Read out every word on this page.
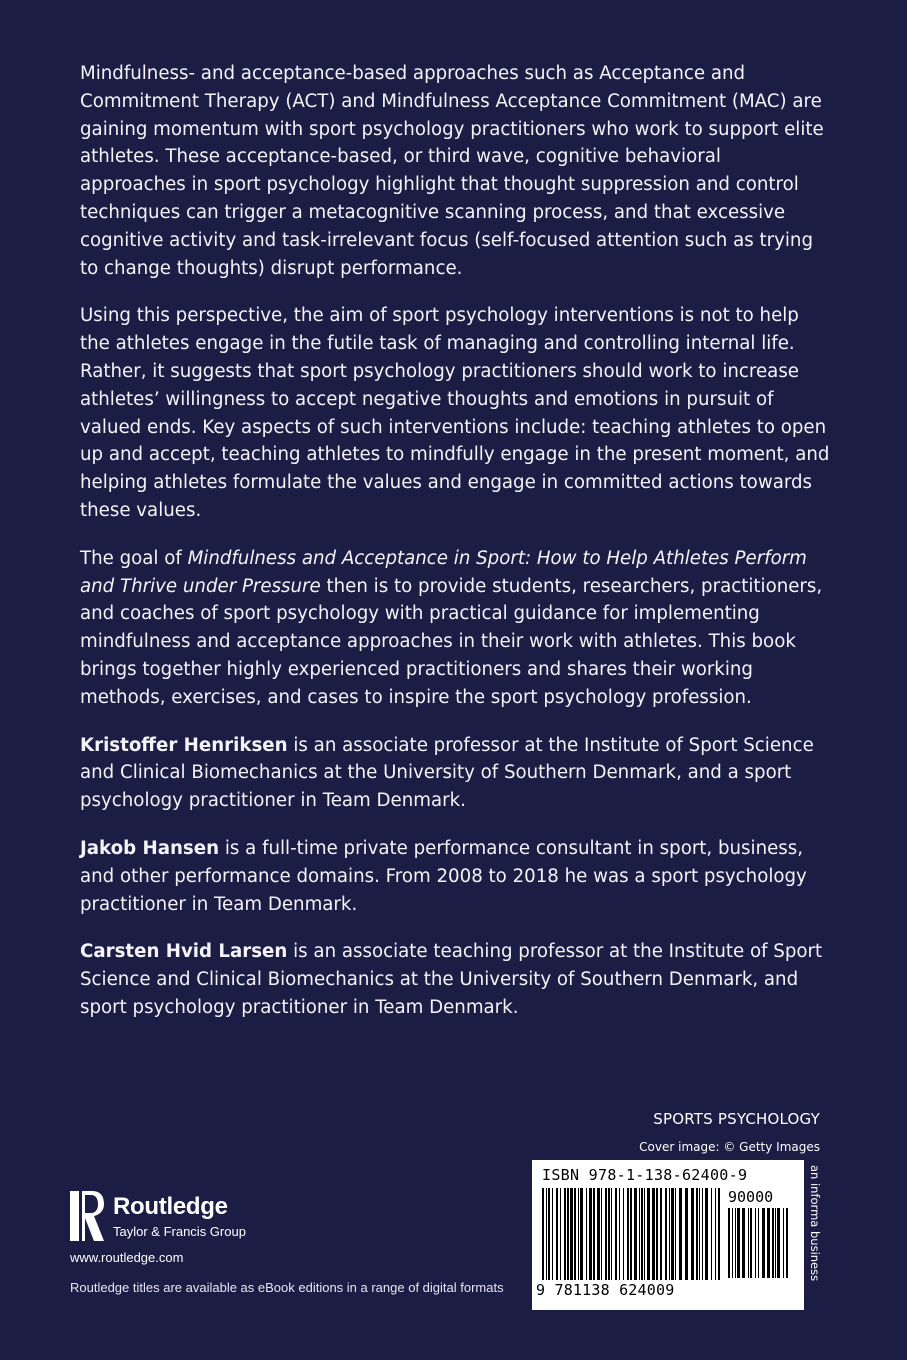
Mindfulness- and acceptance-based approaches such as Acceptance and Commitment Therapy (ACT) and Mindfulness Acceptance Commitment (MAC) are gaining momentum with sport psychology practitioners who work to support elite athletes. These acceptance-based, or third wave, cognitive behavioral approaches in sport psychology highlight that thought suppression and control techniques can trigger a metacognitive scanning process, and that excessive cognitive activity and task-irrelevant focus (self-focused attention such as trying to change thoughts) disrupt performance.

Using this perspective, the aim of sport psychology interventions is not to help the athletes engage in the futile task of managing and controlling internal life. Rather, it suggests that sport psychology practitioners should work to increase athletes’ willingness to accept negative thoughts and emotions in pursuit of valued ends. Key aspects of such interventions include: teaching athletes to open up and accept, teaching athletes to mindfully engage in the present moment, and helping athletes formulate the values and engage in committed actions towards these values.

The goal of Mindfulness and Acceptance in Sport: How to Help Athletes Perform and Thrive under Pressure then is to provide students, researchers, practitioners, and coaches of sport psychology with practical guidance for implementing mindfulness and acceptance approaches in their work with athletes. This book brings together highly experienced practitioners and shares their working methods, exercises, and cases to inspire the sport psychology profession.

Kristoffer Henriksen is an associate professor at the Institute of Sport Science and Clinical Biomechanics at the University of Southern Denmark, and a sport psychology practitioner in Team Denmark.

Jakob Hansen is a full-time private performance consultant in sport, business, and other performance domains. From 2008 to 2018 he was a sport psychology practitioner in Team Denmark.

Carsten Hvid Larsen is an associate teaching professor at the Institute of Sport Science and Clinical Biomechanics at the University of Southern Denmark, and sport psychology practitioner in Team Denmark.

SPORTS PSYCHOLOGY
Cover image: © Getty Images
ISBN 978-1-138-62400-9
90000
9 781138 624009
an informa business
Routledge
Taylor & Francis Group
www.routledge.com
Routledge titles are available as eBook editions in a range of digital formats
